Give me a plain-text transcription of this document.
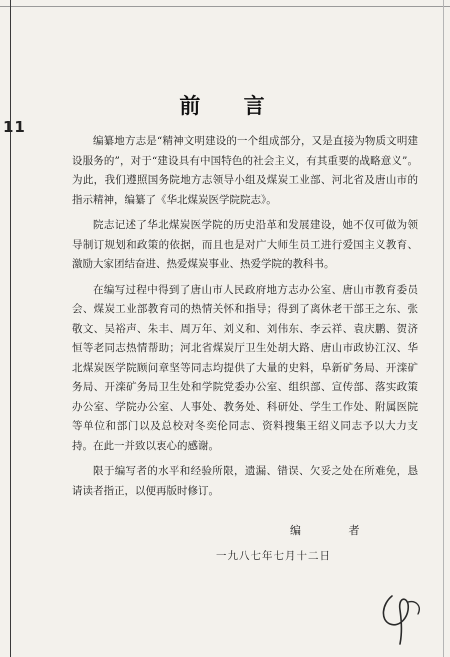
11
前 言

编纂地方志是“精神文明建设的一个组成部分，又是直接为物质文明建设服务的”，对于“建设具有中国特色的社会主义，有其重要的战略意义”。为此，我们遵照国务院地方志领导小组及煤炭工业部、河北省及唐山市的指示精神，编纂了《华北煤炭医学院院志》。

院志记述了华北煤炭医学院的历史沿革和发展建设，她不仅可做为领导制订规划和政策的依据，而且也是对广大师生员工进行爱国主义教育、激励大家团结奋进、热爱煤炭事业、热爱学院的教科书。

在编写过程中得到了唐山市人民政府地方志办公室、唐山市教育委员会、煤炭工业部教育司的热情关怀和指导；得到了离休老干部王之东、张敬文、吴裕声、朱丰、周万年、刘义和、刘伟东、李云祥、袁庆鹏、贺济恒等老同志热情帮助；河北省煤炭厅卫生处胡大路、唐山市政协江汉、华北煤炭医学院顾问章坚等同志均提供了大量的史料，阜新矿务局、开滦矿务局、开滦矿务局卫生处和学院党委办公室、组织部、宣传部、落实政策办公室、学院办公室、人事处、教务处、科研处、学生工作处、附属医院等单位和部门以及总校对冬奕伦同志、资料搜集王绍义同志予以大力支持。在此一并致以衷心的感谢。

限于编写者的水平和经验所限，遗漏、错误、欠妥之处在所难免，恳请读者指正，以便再版时修订。

编 者
一九八七年七月十二日
